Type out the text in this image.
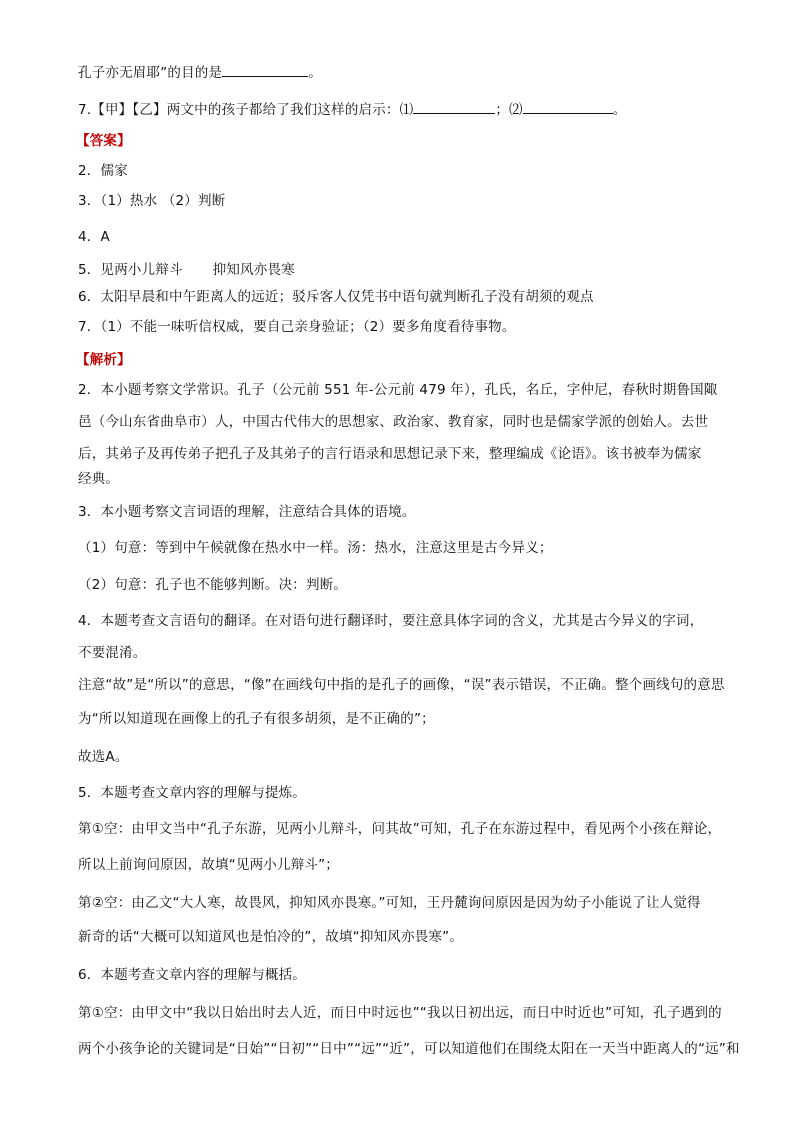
孔子亦无眉耶”的目的是	。
7.【甲】【乙】两文中的孩子都给了我们这样的启示：⑴	；⑵	。
【答案】
2．儒家
3．（1）热水 （2）判断
4．A
5．见两小儿辩斗 抑知风亦畏寒
6．太阳早晨和中午距离人的远近；驳斥客人仅凭书中语句就判断孔子没有胡须的观点
7．（1）不能一味听信权威，要自己亲身验证；（2）要多角度看待事物。
【解析】
2．本小题考察文学常识。孔子（公元前 551 年-公元前 479 年），孔氏，名丘，字仲尼，春秋时期鲁国陬
邑（今山东省曲阜市）人，中国古代伟大的思想家、政治家、教育家，同时也是儒家学派的创始人。去世
后，其弟子及再传弟子把孔子及其弟子的言行语录和思想记录下来，整理编成《论语》。该书被奉为儒家
经典。
3．本小题考察文言词语的理解，注意结合具体的语境。
（1）句意：等到中午候就像在热水中一样。汤：热水，注意这里是古今异义；
（2）句意：孔子也不能够判断。决：判断。
4．本题考查文言语句的翻译。在对语句进行翻译时，要注意具体字词的含义，尤其是古今异义的字词，
不要混淆。
注意“故”是“所以”的意思，“像”在画线句中指的是孔子的画像，“误”表示错误，不正确。整个画线句的意思
为“所以知道现在画像上的孔子有很多胡须，是不正确的”；
故选A。
5．本题考查文章内容的理解与提炼。
第①空：由甲文当中“孔子东游，见两小儿辩斗，问其故”可知，孔子在东游过程中，看见两个小孩在辩论，
所以上前询问原因，故填“见两小儿辩斗”；
第②空：由乙文“大人寒，故畏风，抑知风亦畏寒。”可知，王丹麓询问原因是因为幼子小能说了让人觉得
新奇的话“大概可以知道风也是怕冷的”，故填“抑知风亦畏寒”。
6．本题考查文章内容的理解与概括。
第①空：由甲文中“我以日始出时去人近，而日中时远也”“我以日初出远，而日中时近也”可知，孔子遇到的
两个小孩争论的关键词是“日始”“日初”“日中”“远”“近”，可以知道他们在围绕太阳在一天当中距离人的“远”和
